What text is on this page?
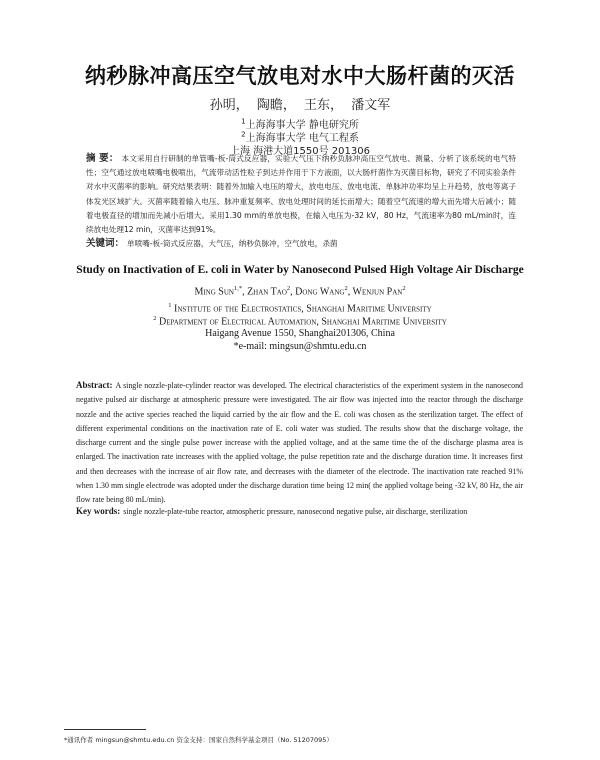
纳秒脉冲高压空气放电对水中大肠杆菌的灭活
孙明， 陶瞻， 王东， 潘文军
$^1$上海海事大学 静电研究所
$^2$上海海事大学 电气工程系
上海 海港大道1550号 201306
摘 要： 本文采用自行研制的单管嘴-板-筒式反应器，实验大气压下纳秒负脉冲高压空气放电、测量、分析了该系统的电气特性；空气通过放电喷嘴电极喷出，气流带动活性粒子到达并作用于下方液面，以大肠杆菌作为灭菌目标物，研究了不同实验条件对水中灭菌率的影响。研究结果表明：随着外加输入电压的增大，放电电压、放电电流、单脉冲功率均呈上升趋势，放电等离子体发光区域扩大。灭菌率随着输入电压、脉冲重复频率、放电处理时间的延长而增大；随着空气流速的增大而先增大后减小；随着电极直径的增加而先减小后增大。采用1.30 mm的单放电极，在输入电压为-32 kV，80 Hz，气流速率为80 mL/min时，连续放电处理12 min，灭菌率达到91%。
关键词： 单喷嘴-板-筒式反应器，大气压，纳秒负脉冲，空气放电，杀菌
Study on Inactivation of E. coli in Water by Nanosecond Pulsed High Voltage Air Discharge
Ming Sun$^{1,*}$, Zhan Tao$^2$, Dong Wang$^2$, Wenjun Pan$^2$
$^1$ Institute of the Electrostatics, Shanghai Maritime University
$^2$ Department of Electrical Automation, Shanghai Maritime University
Haigang Avenue 1550, Shanghai201306, China
*e-mail: mingsun@shmtu.edu.cn
Abstract: A single nozzle-plate-cylinder reactor was developed. The electrical characteristics of the experiment system in the nanosecond negative pulsed air discharge at atmospheric pressure were investigated. The air flow was injected into the reactor through the discharge nozzle and the active species reached the liquid carried by the air flow and the E. coli was chosen as the sterilization target. The effect of different experimental conditions on the inactivation rate of E. coli water was studied. The results show that the discharge voltage, the discharge current and the single pulse power increase with the applied voltage, and at the same time the of the discharge plasma area is enlarged. The inactivation rate increases with the applied voltage, the pulse repetition rate and the discharge duration time. It increases first and then decreases with the increase of air flow rate, and decreases with the diameter of the electrode. The inactivation rate reached 91% when 1.30 mm single electrode was adopted under the discharge duration time being 12 min( the applied voltage being -32 kV, 80 Hz, the air flow rate being 80 mL/min).
Key words: single nozzle-plate-tube reactor, atmospheric pressure, nanosecond negative pulse, air discharge, sterilization
*通讯作者 mingsun@shmtu.edu.cn 资金支持：国家自然科学基金项目（No. 51207095）
